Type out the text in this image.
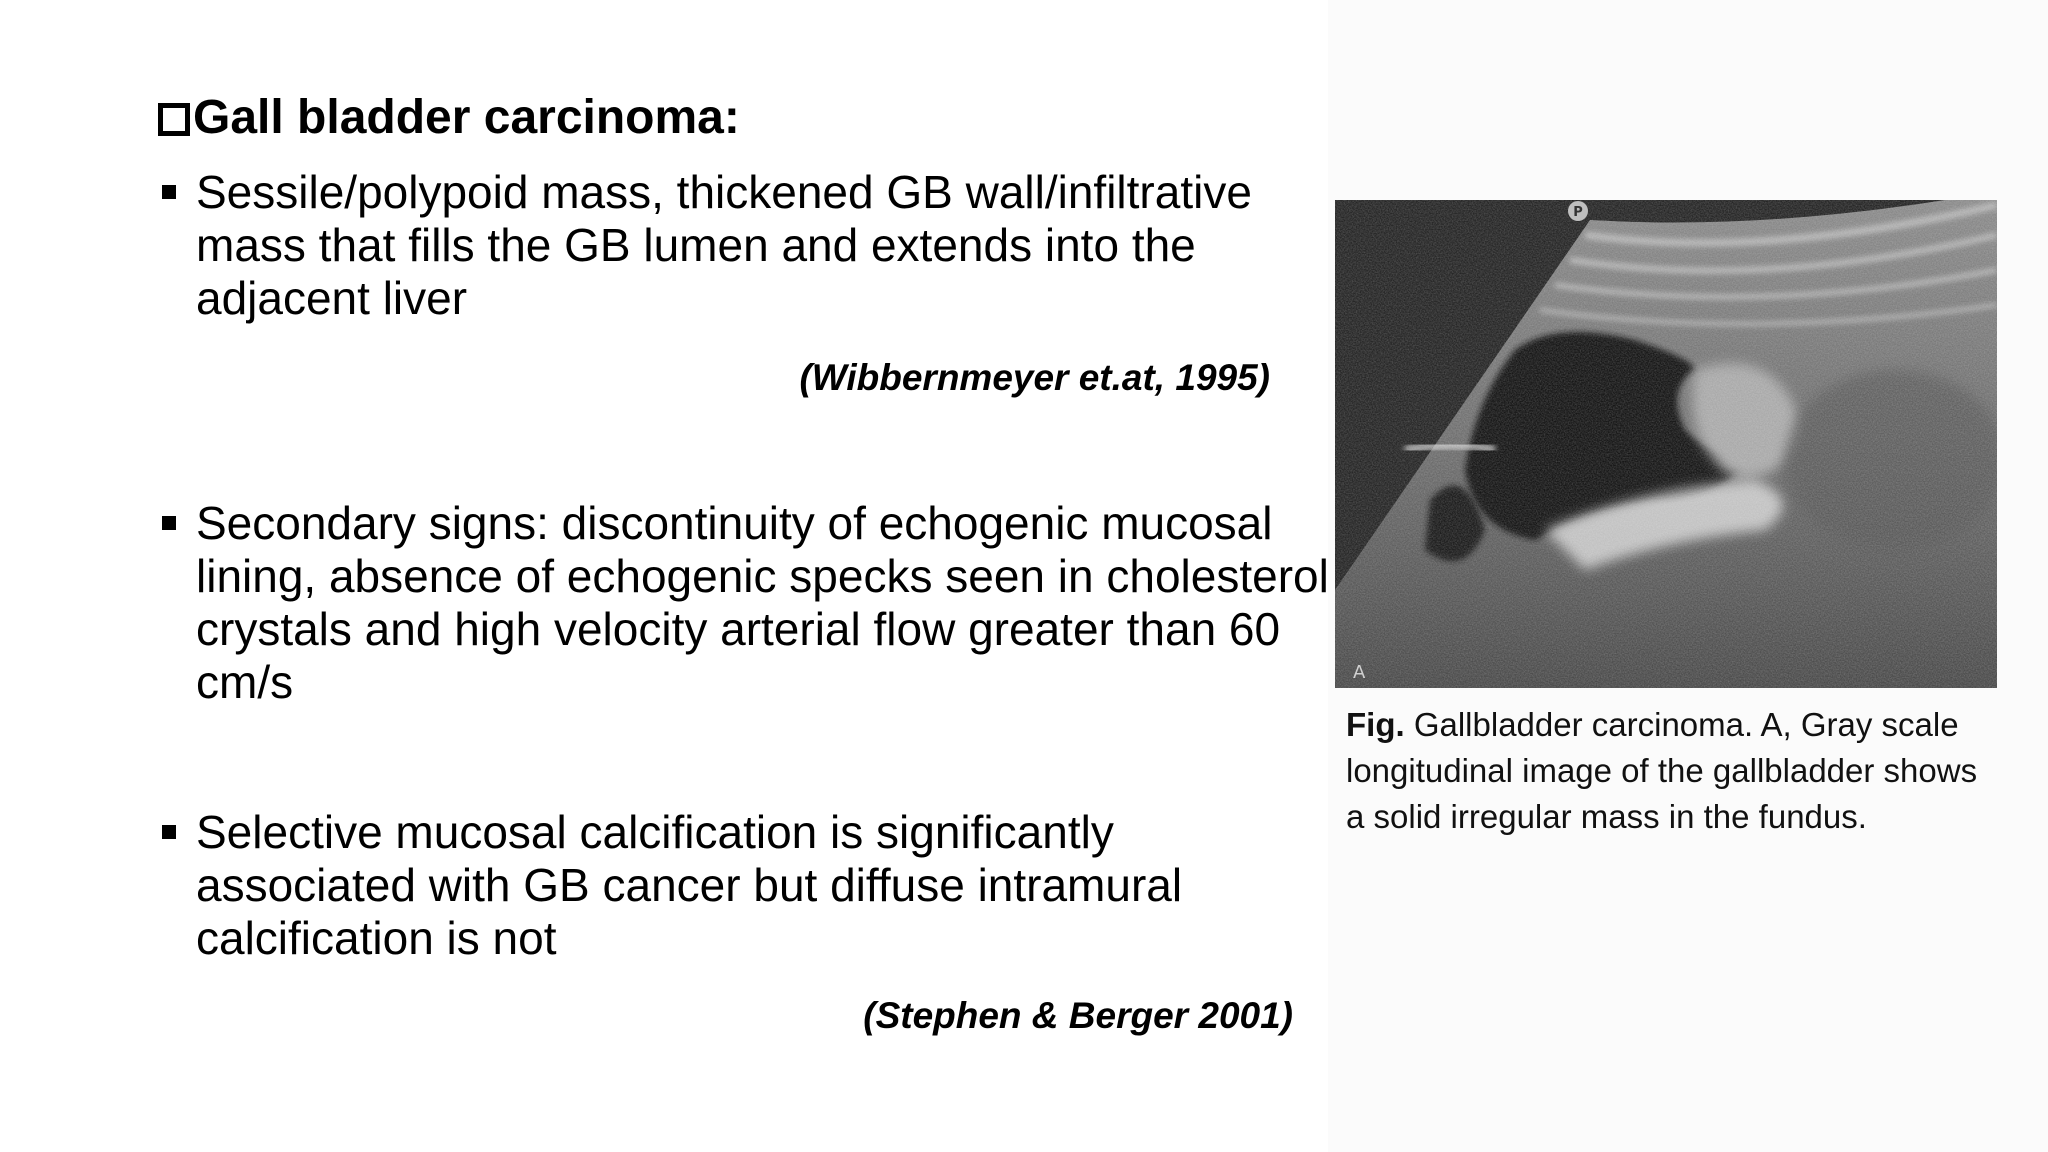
Gall bladder carcinoma:
Sessile/polypoid mass, thickened GB wall/infiltrative mass that fills the GB lumen and extends into the adjacent liver
(Wibbernmeyer et.at, 1995)
Secondary signs: discontinuity of echogenic mucosal lining, absence of echogenic specks seen in cholesterol crystals and high velocity arterial flow greater than 60 cm/s
Selective mucosal calcification is significantly associated with GB cancer but diffuse intramural calcification is not
(Stephen & Berger 2001)
P
A
Fig. Gallbladder carcinoma. A, Gray scale longitudinal image of the gallbladder shows a solid irregular mass in the fundus.
